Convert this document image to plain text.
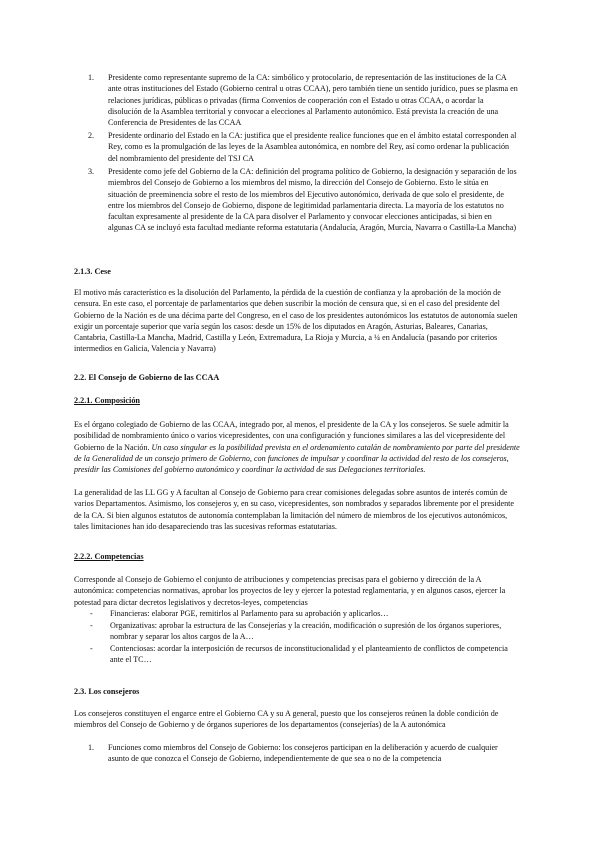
1.	Presidente como representante supremo de la CA: simbólico y protocolario, de representación de las instituciones de la CA ante otras instituciones del Estado (Gobierno central u otras CCAA), pero también tiene un sentido jurídico, pues se plasma en relaciones jurídicas, públicas o privadas (firma Convenios de cooperación con el Estado u otras CCAA, o acordar la disolución de la Asamblea territorial y convocar a elecciones al Parlamento autonómico. Está prevista la creación de una Conferencia de Presidentes de las CCAA
2.	Presidente ordinario del Estado en la CA: justifica que el presidente realice funciones que en el ámbito estatal corresponden al Rey, como es la promulgación de las leyes de la Asamblea autonómica, en nombre del Rey, así como ordenar la publicación del nombramiento del presidente del TSJ CA
3.	Presidente como jefe del Gobierno de la CA: definición del programa político de Gobierno, la designación y separación de los miembros del Consejo de Gobierno a los miembros del mismo, la dirección del Consejo de Gobierno. Esto le sitúa en situación de preeminencia sobre el resto de los miembros del Ejecutivo autonómico, derivada de que solo el presidente, de entre los miembros del Consejo de Gobierno, dispone de legitimidad parlamentaria directa. La mayoría de los estatutos no facultan expresamente al presidente de la CA para disolver el Parlamento y convocar elecciones anticipadas, si bien en algunas CA se incluyó esta facultad mediante reforma estatutaria (Andalucía, Aragón, Murcia, Navarra o Castilla-La Mancha)
2.1.3. Cese
El motivo más característico es la disolución del Parlamento, la pérdida de la cuestión de confianza y la aprobación de la moción de censura. En este caso, el porcentaje de parlamentarios que deben suscribir la moción de censura que, si en el caso del presidente del Gobierno de la Nación es de una décima parte del Congreso, en el caso de los presidentes autonómicos los estatutos de autonomía suelen exigir un porcentaje superior que varía según los casos: desde un 15% de los diputados en Aragón, Asturias, Baleares, Canarias, Cantabria, Castilla-La Mancha, Madrid, Castilla y León, Extremadura, La Rioja y Murcia, a ¼ en Andalucía (pasando por criterios intermedios en Galicia, Valencia y Navarra)
2.2. El Consejo de Gobierno de las CCAA
2.2.1. Composición
Es el órgano colegiado de Gobierno de las CCAA, integrado por, al menos, el presidente de la CA y los consejeros. Se suele admitir la posibilidad de nombramiento único o varios vicepresidentes, con una configuración y funciones similares a las del vicepresidente del Gobierno de la Nación. Un caso singular es la posibilidad prevista en el ordenamiento catalán de nombramiento por parte del presidente de la Generalidad de un consejo primero de Gobierno, con funciones de impulsar y coordinar la actividad del resto de los consejeros, presidir las Comisiones del gobierno autonómico y coordinar la actividad de sus Delegaciones territoriales.
La generalidad de las LL GG y A facultan al Consejo de Gobierno para crear comisiones delegadas sobre asuntos de interés común de varios Departamentos. Asimismo, los consejeros y, en su caso, vicepresidentes, son nombrados y separados libremente por el presidente de la CA. Si bien algunos estatutos de autonomía contemplaban la limitación del número de miembros de los ejecutivos autonómicos, tales limitaciones han ido desapareciendo tras las sucesivas reformas estatutarias.
2.2.2. Competencias
Corresponde al Consejo de Gobierno el conjunto de atribuciones y competencias precisas para el gobierno y dirección de la A autonómica: competencias normativas, aprobar los proyectos de ley y ejercer la potestad reglamentaria, y en algunos casos, ejercer la potestad para dictar decretos legislativos y decretos-leyes, competencias
- Financieras: elaborar PGE, remitirlos al Parlamento para su aprobación y aplicarlos…
- Organizativas: aprobar la estructura de las Consejerías y la creación, modificación o supresión de los órganos superiores, nombrar y separar los altos cargos de la A…
- Contenciosas: acordar la interposición de recursos de inconstitucionalidad y el planteamiento de conflictos de competencia ante el TC…
2.3. Los consejeros
Los consejeros constituyen el engarce entre el Gobierno CA y su A general, puesto que los consejeros reúnen la doble condición de miembros del Consejo de Gobierno y de órganos superiores de los departamentos (consejerías) de la A autonómica
1.	Funciones como miembros del Consejo de Gobierno: los consejeros participan en la deliberación y acuerdo de cualquier asunto de que conozca el Consejo de Gobierno, independientemente de que sea o no de la competencia
